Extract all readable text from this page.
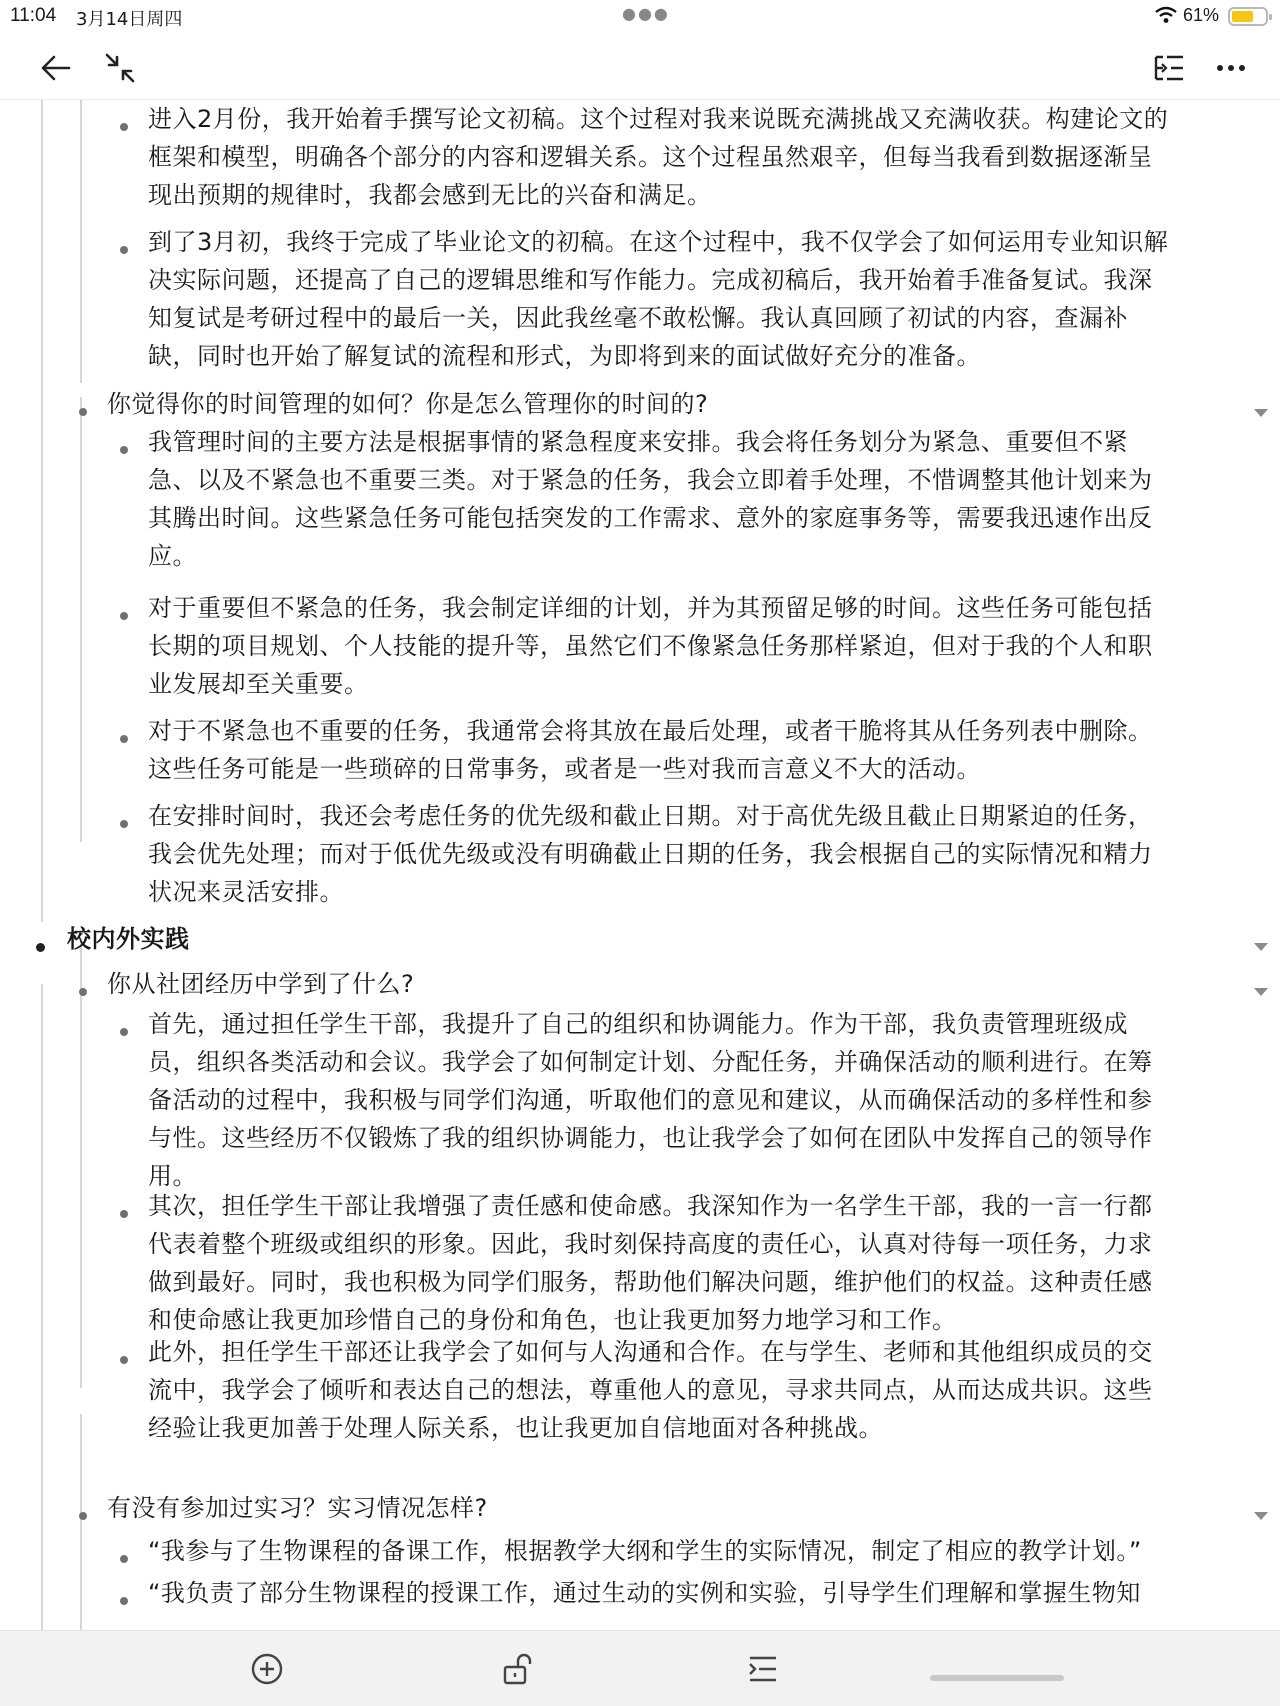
11:04 3月14日周四	●●●	61%

进入2月份，我开始着手撰写论文初稿。这个过程对我来说既充满挑战又充满收获。构建论文的

框架和模型，明确各个部分的内容和逻辑关系。这个过程虽然艰辛，但每当我看到数据逐渐呈

现出预期的规律时，我都会感到无比的兴奋和满足。

到了3月初，我终于完成了毕业论文的初稿。在这个过程中，我不仅学会了如何运用专业知识解

决实际问题，还提高了自己的逻辑思维和写作能力。完成初稿后，我开始着手准备复试。我深

知复试是考研过程中的最后一关，因此我丝毫不敢松懈。我认真回顾了初试的内容，查漏补

缺，同时也开始了解复试的流程和形式，为即将到来的面试做好充分的准备。

你觉得你的时间管理的如何？你是怎么管理你的时间的?

我管理时间的主要方法是根据事情的紧急程度来安排。我会将任务划分为紧急、重要但不紧

急、以及不紧急也不重要三类。对于紧急的任务，我会立即着手处理，不惜调整其他计划来为

其腾出时间。这些紧急任务可能包括突发的工作需求、意外的家庭事务等，需要我迅速作出反

应。

对于重要但不紧急的任务，我会制定详细的计划，并为其预留足够的时间。这些任务可能包括

长期的项目规划、个人技能的提升等，虽然它们不像紧急任务那样紧迫，但对于我的个人和职

业发展却至关重要。

对于不紧急也不重要的任务，我通常会将其放在最后处理，或者干脆将其从任务列表中删除。

这些任务可能是一些琐碎的日常事务，或者是一些对我而言意义不大的活动。

在安排时间时，我还会考虑任务的优先级和截止日期。对于高优先级且截止日期紧迫的任务，

我会优先处理；而对于低优先级或没有明确截止日期的任务，我会根据自己的实际情况和精力

状况来灵活安排。

校内外实践

你从社团经历中学到了什么?

首先，通过担任学生干部，我提升了自己的组织和协调能力。作为干部，我负责管理班级成

员，组织各类活动和会议。我学会了如何制定计划、分配任务，并确保活动的顺利进行。在筹

备活动的过程中，我积极与同学们沟通，听取他们的意见和建议，从而确保活动的多样性和参

与性。这些经历不仅锻炼了我的组织协调能力，也让我学会了如何在团队中发挥自己的领导作

用。

其次，担任学生干部让我增强了责任感和使命感。我深知作为一名学生干部，我的一言一行都

代表着整个班级或组织的形象。因此，我时刻保持高度的责任心，认真对待每一项任务，力求

做到最好。同时，我也积极为同学们服务，帮助他们解决问题，维护他们的权益。这种责任感

和使命感让我更加珍惜自己的身份和角色，也让我更加努力地学习和工作。

此外，担任学生干部还让我学会了如何与人沟通和合作。在与学生、老师和其他组织成员的交

流中，我学会了倾听和表达自己的想法，尊重他人的意见，寻求共同点，从而达成共识。这些

经验让我更加善于处理人际关系，也让我更加自信地面对各种挑战。

有没有参加过实习？实习情况怎样?

“我参与了生物课程的备课工作，根据教学大纲和学生的实际情况，制定了相应的教学计划。”

“我负责了部分生物课程的授课工作，通过生动的实例和实验，引导学生们理解和掌握生物知
